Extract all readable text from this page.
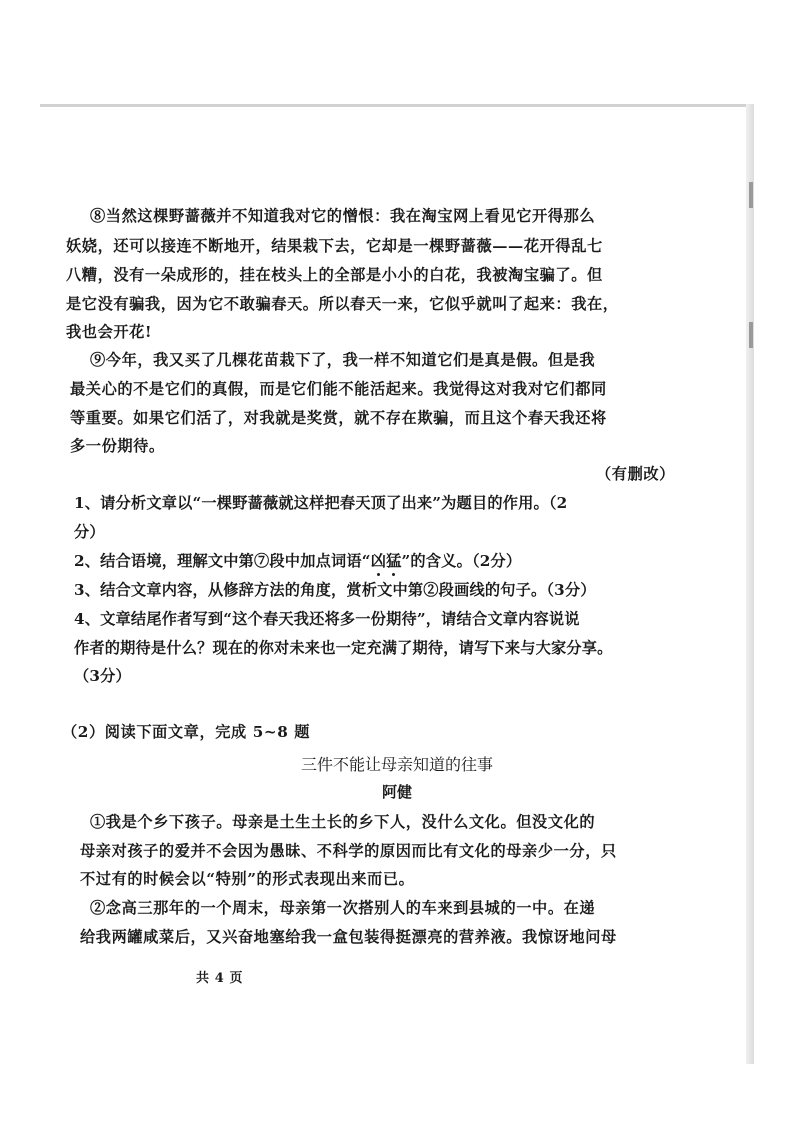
⑧当然这棵野蔷薇并不知道我对它的憎恨：我在淘宝网上看见它开得那么
妖娆，还可以接连不断地开，结果栽下去，它却是一棵野蔷薇——花开得乱七
八糟，没有一朵成形的，挂在枝头上的全部是小小的白花，我被淘宝骗了。但
是它没有骗我，因为它不敢骗春天。所以春天一来，它似乎就叫了起来：我在，
我也会开花!
⑨今年，我又买了几棵花苗栽下了，我一样不知道它们是真是假。但是我
最关心的不是它们的真假，而是它们能不能活起来。我觉得这对我对它们都同
等重要。如果它们活了，对我就是奖赏，就不存在欺骗，而且这个春天我还将
多一份期待。
（有删改）
1、请分析文章以“一棵野蔷薇就这样把春天顶了出来”为题目的作用。（2
分）
2、结合语境，理解文中第⑦段中加点词语“凶猛”的含义。（2分）
3、结合文章内容，从修辞方法的角度，赏析文中第②段画线的句子。（3分）
4、文章结尾作者写到“这个春天我还将多一份期待”，请结合文章内容说说
作者的期待是什么？现在的你对未来也一定充满了期待，请写下来与大家分享。
（3分）
（2）阅读下面文章，完成 5~8 题
三件不能让母亲知道的往事
阿健
①我是个乡下孩子。母亲是土生土长的乡下人，没什么文化。但没文化的
母亲对孩子的爱并不会因为愚昧、不科学的原因而比有文化的母亲少一分，只
不过有的时候会以“特别”的形式表现出来而已。
②念高三那年的一个周末，母亲第一次搭别人的车来到县城的一中。在递
给我两罐咸菜后，又兴奋地塞给我一盒包装得挺漂亮的营养液。我惊讶地问母
共 4 页
